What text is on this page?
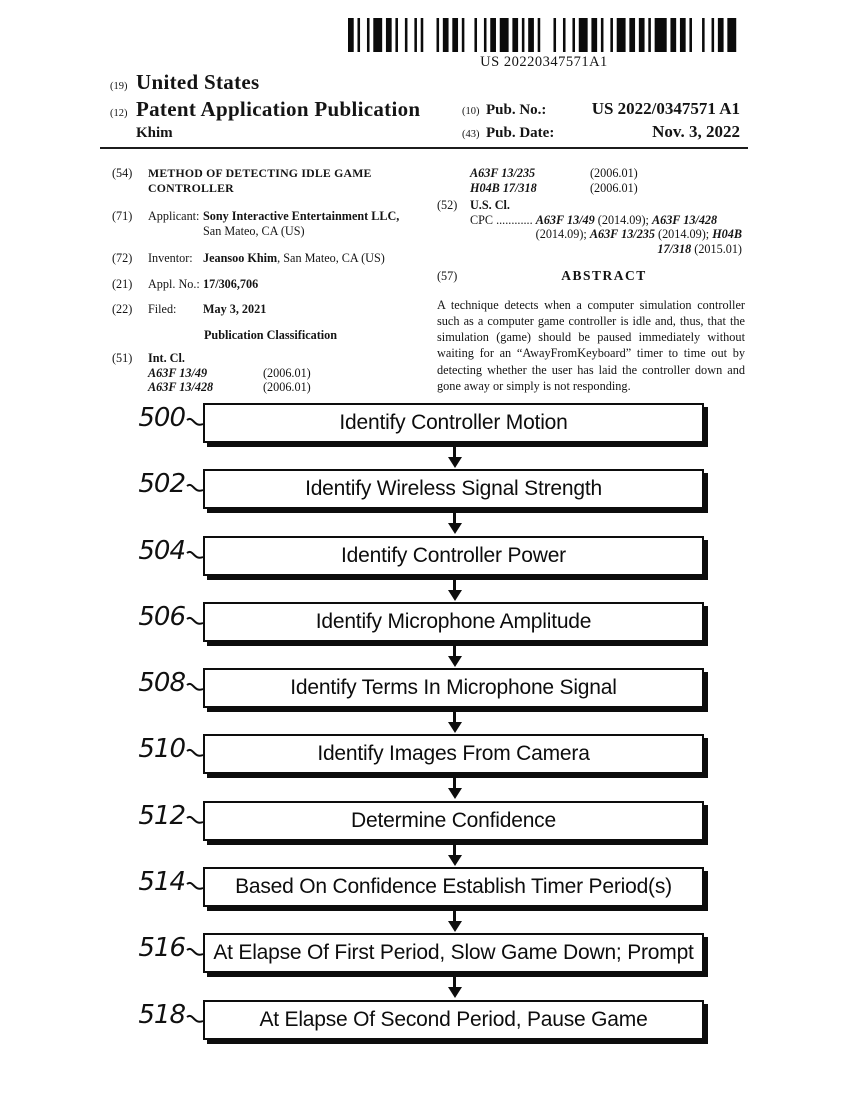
US 20220347571A1
(19) United States
(12) Patent Application Publication
Khim
(10) Pub. No.:	US 2022/0347571 A1
(43) Pub. Date:	Nov. 3, 2022
(54)	METHOD OF DETECTING IDLE GAME CONTROLLER
(71)	Applicant: Sony Interactive Entertainment LLC,
San Mateo, CA (US)
(72)	Inventor: Jeansoo Khim, San Mateo, CA (US)
(21)	Appl. No.: 17/306,706
(22)	Filed:	May 3, 2021
Publication Classification
(51)	Int. Cl.
A63F 13/49	(2006.01)
A63F 13/428	(2006.01)
A63F 13/235	(2006.01)
H04B 17/318	(2006.01)
(52)	U.S. Cl.
CPC ............ A63F 13/49 (2014.09); A63F 13/428
(2014.09); A63F 13/235 (2014.09); H04B
17/318 (2015.01)
(57)	ABSTRACT
A technique detects when a computer simulation controller such as a computer game controller is idle and, thus, that the simulation (game) should be paused immediately without waiting for an “AwayFromKeyboard” timer to time out by detecting whether the user has laid the controller down and gone away or simply is not responding.
500	Identify Controller Motion
502	Identify Wireless Signal Strength
504	Identify Controller Power
506	Identify Microphone Amplitude
508	Identify Terms In Microphone Signal
510	Identify Images From Camera
512	Determine Confidence
514 Based On Confidence Establish Timer Period(s)
516 At Elapse Of First Period, Slow Game Down; Prompt
518	At Elapse Of Second Period, Pause Game
